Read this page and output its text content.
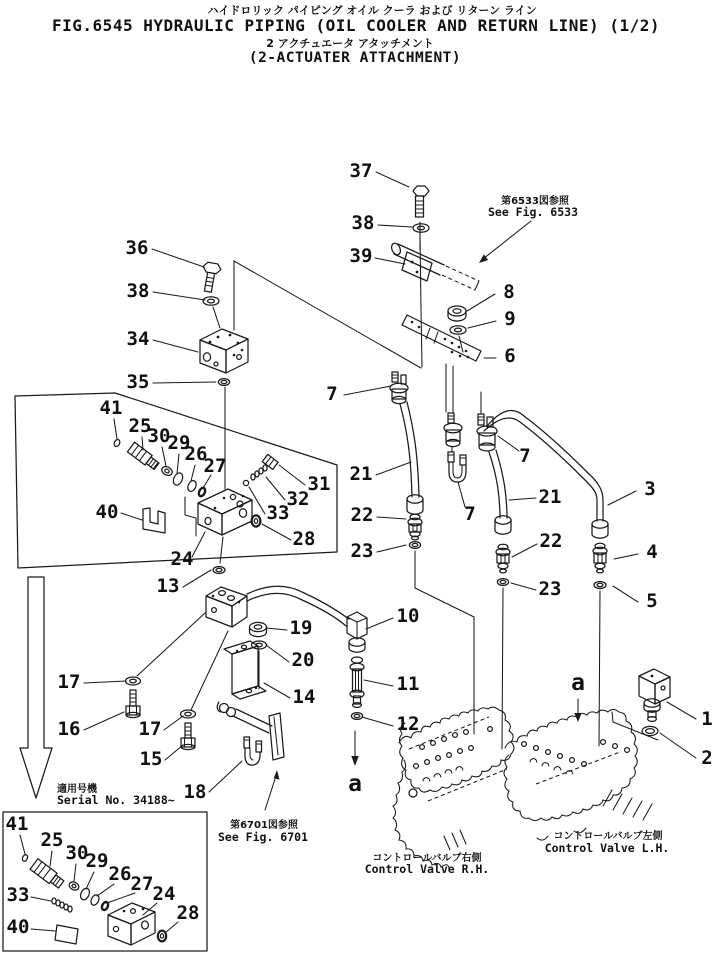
ハイドロリック パイピング オイル クーラ および リターン ライン
FIG.6545 HYDRAULIC PIPING (OIL COOLER AND RETURN LINE) (1/2)
2 アクチュエータ アタッチメント
(2-ACTUATER ATTACHMENT)
37
38
39
36
38
34
35
8
9
6
7
21
22
23
7
7
21
22
23
3
4
5
10
11
12
13
19
20
14
17
16	17
15
18
1
2
41
25
30
29
26
27
31
32
33
40
24
28
41
25
30
29
26 27 24
33
40
28
a
a
第6533図参照
See Fig. 6533
第6701図参照
See Fig. 6701
適用号機
Serial No. 34188~
コントロールバルブ右側
Control Valve R.H.
コントロールバルブ左側
Control Valve L.H.
